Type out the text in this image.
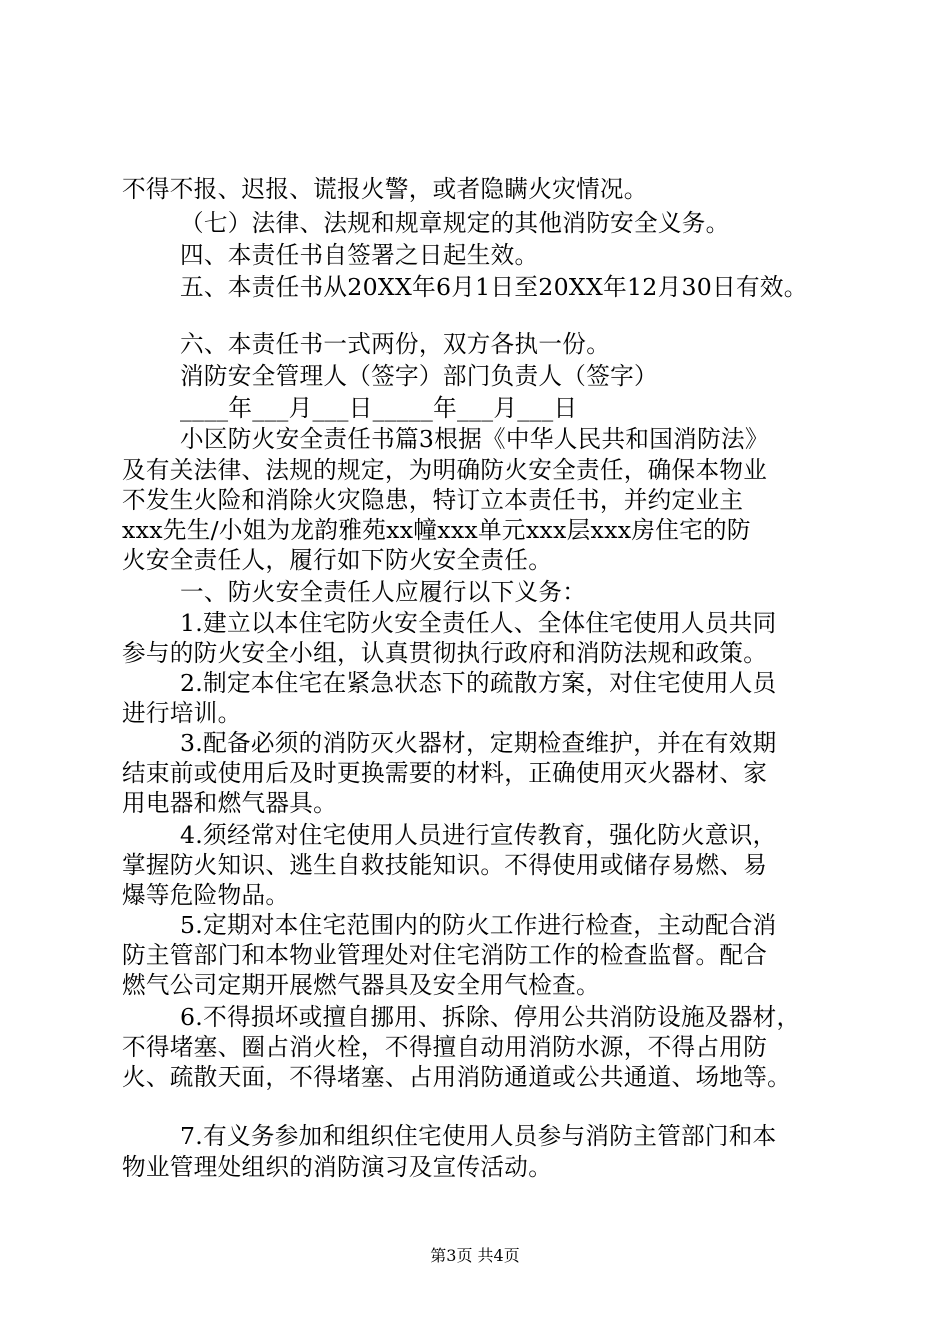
不得不报、迟报、谎报火警，或者隐瞒火灾情况。
（七）法律、法规和规章规定的其他消防安全义务。
四、本责任书自签署之日起生效。
五、本责任书从20XX年6月1日至20XX年12月30日有效。
六、本责任书一式两份，双方各执一份。
消防安全管理人（签字）部门负责人（签字）
____年___月___日_____年___月___日
小区防火安全责任书篇3根据《中华人民共和国消防法》
及有关法律、法规的规定，为明确防火安全责任，确保本物业
不发生火险和消除火灾隐患，特订立本责任书，并约定业主
xxx先生/小姐为龙韵雅苑xx幢xxx单元xxx层xxx房住宅的防
火安全责任人，履行如下防火安全责任。
一、防火安全责任人应履行以下义务：
1.建立以本住宅防火安全责任人、全体住宅使用人员共同
参与的防火安全小组，认真贯彻执行政府和消防法规和政策。
2.制定本住宅在紧急状态下的疏散方案，对住宅使用人员
进行培训。
3.配备必须的消防灭火器材，定期检查维护，并在有效期
结束前或使用后及时更换需要的材料，正确使用灭火器材、家
用电器和燃气器具。
4.须经常对住宅使用人员进行宣传教育，强化防火意识，
掌握防火知识、逃生自救技能知识。不得使用或储存易燃、易
爆等危险物品。
5.定期对本住宅范围内的防火工作进行检查，主动配合消
防主管部门和本物业管理处对住宅消防工作的检查监督。配合
燃气公司定期开展燃气器具及安全用气检查。
6.不得损坏或擅自挪用、拆除、停用公共消防设施及器材，
不得堵塞、圈占消火栓，不得擅自动用消防水源，不得占用防
火、疏散天面，不得堵塞、占用消防通道或公共通道、场地等。
7.有义务参加和组织住宅使用人员参与消防主管部门和本
物业管理处组织的消防演习及宣传活动。
第3页 共4页
